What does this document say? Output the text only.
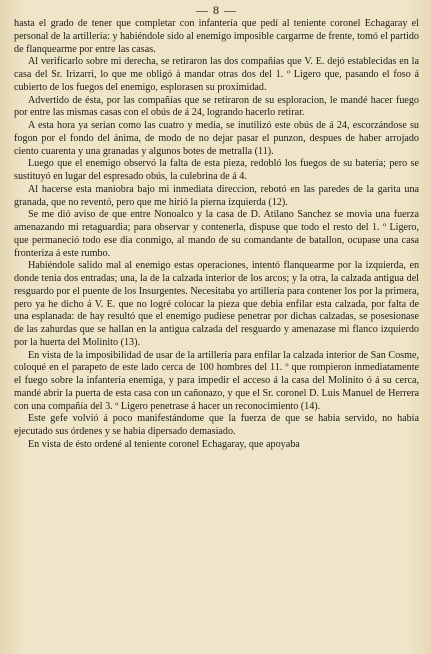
— 8 —

hasta el grado de tener que completar con infantería que pedí al teniente coronel Echagaray el personal de la artillería: y habiéndole sido al enemigo imposible cargarme de frente, tomó el partido de flanquearme por entre las casas.

Al verificarlo sobre mi derecha, se retiraron las dos compañías que V. E. dejó establecidas en la casa del Sr. Irizarri, lo que me obligó á mandar otras dos del 1. º Ligero que, pasando el foso á cubierto de los fuegos del enemigo, esplorasen su proximidad.

Advertido de ésta, por las compañías que se retiraron de su esploracion, le mandé hacer fuego por entre las mismas casas con el obús de á 24, logrando hacerlo retirar.

A esta hora ya serian como las cuatro y media, se inutilizó este obús de á 24, escorzándose su fogon por el fondo del ánima, de modo de no dejar pasar el punzon, despues de haber arrojado ciento cuarenta y una granadas y algunos botes de metralla (11).

Luego que el enemigo observó la falta de esta pieza, redobló los fuegos de su batería; pero se sustituyó en lugar del espresado obús, la culebrina de á 4.

Al hacerse esta maniobra bajo mi inmediata direccion, rebotó en las paredes de la garita una granada, que no reventó, pero que me hirió la pierna izquierda (12).

Se me dió aviso de que entre Nonoalco y la casa de D. Atilano Sanchez se movia una fuerza amenazando mi retaguardia; para observar y contenerla, dispuse que todo el resto del 1. º Ligero, que permaneció todo ese dia conmigo, al mando de su comandante de batallon, ocupase una casa fronteriza á este rumbo.

Habiéndole salido mal al enemigo estas operaciones, intentó flanquearme por la izquierda, en donde tenia dos entradas; una, la de la calzada interior de los arcos; y la otra, la calzada antigua del resguardo por el puente de los Insurgentes. Necesitaba yo artillería para contener los por la primera, pero ya he dicho á V. E. que no logré colocar la pieza que debia enfilar esta calzada, por falta de una esplanada: de hay resultó que el enemigo pudiese penetrar por dichas calzadas, se posesionase de las zahurdas que se hallan en la antigua calzada del resguardo y amenazase mi flanco izquierdo por la huerta del Molinito (13).

En vista de la imposibilidad de usar de la artillería para enfilar la calzada interior de San Cosme, coloqué en el parapeto de este lado cerca de 100 hombres del 11. º que rompieron inmediatamente el fuego sobre la infantería enemiga, y para impedir el acceso á la casa del Molinito ó á su cerca, mandé abrir la puerta de esta casa con un cañonazo, y que el Sr. coronel D. Luis Manuel de Herrera con una compañía del 3. º Ligero penetrase á hacer un reconocimiento (14).

Este gefe volvió á poco manifestándome que la fuerza de que se habia servido, no habia ejecutado sus órdenes y se habia dipersado demasiado.

En vista de ésto ordené al teniente coronel Echagaray, que apoyaba
